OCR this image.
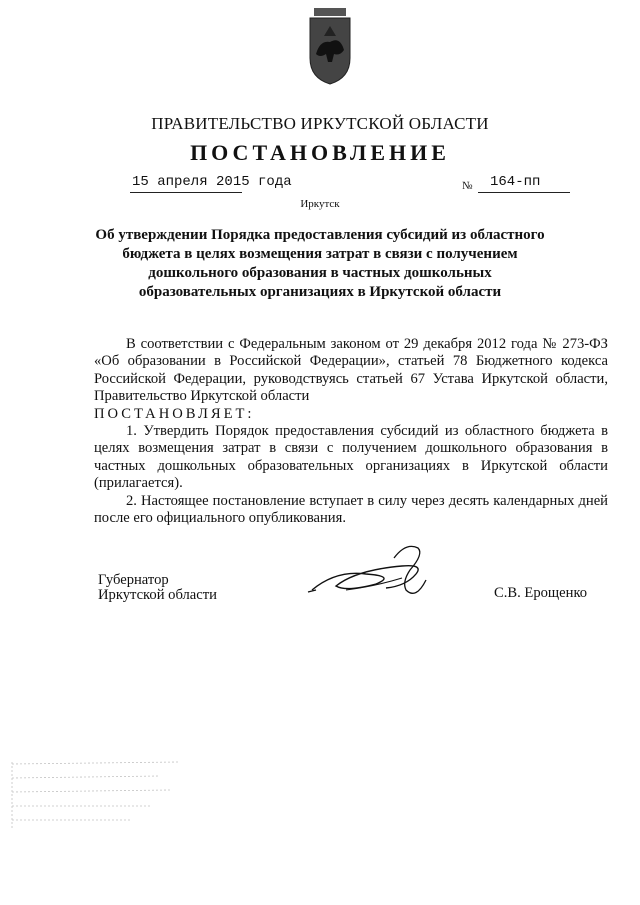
ПРАВИТЕЛЬСТВО ИРКУТСКОЙ ОБЛАСТИ
ПОСТАНОВЛЕНИЕ
15 апреля 2015 года	№ 164-пп
Иркутск
Об утверждении Порядка предоставления субсидий из областного бюджета в целях возмещения затрат в связи с получением дошкольного образования в частных дошкольных образовательных организациях в Иркутской области

В соответствии с Федеральным законом от 29 декабря 2012 года № 273-ФЗ «Об образовании в Российской Федерации», статьей 78 Бюджетного кодекса Российской Федерации, руководствуясь статьей 67 Устава Иркутской области, Правительство Иркутской области

ПОСТАНОВЛЯЕТ:

1. Утвердить Порядок предоставления субсидий из областного бюджета в целях возмещения затрат в связи с получением дошкольного образования в частных дошкольных образовательных организациях в Иркутской области (прилагается).

2. Настоящее постановление вступает в силу через десять календарных дней после его официального опубликования.

Губернатор
Иркутской области	С.В. Ерощенко
